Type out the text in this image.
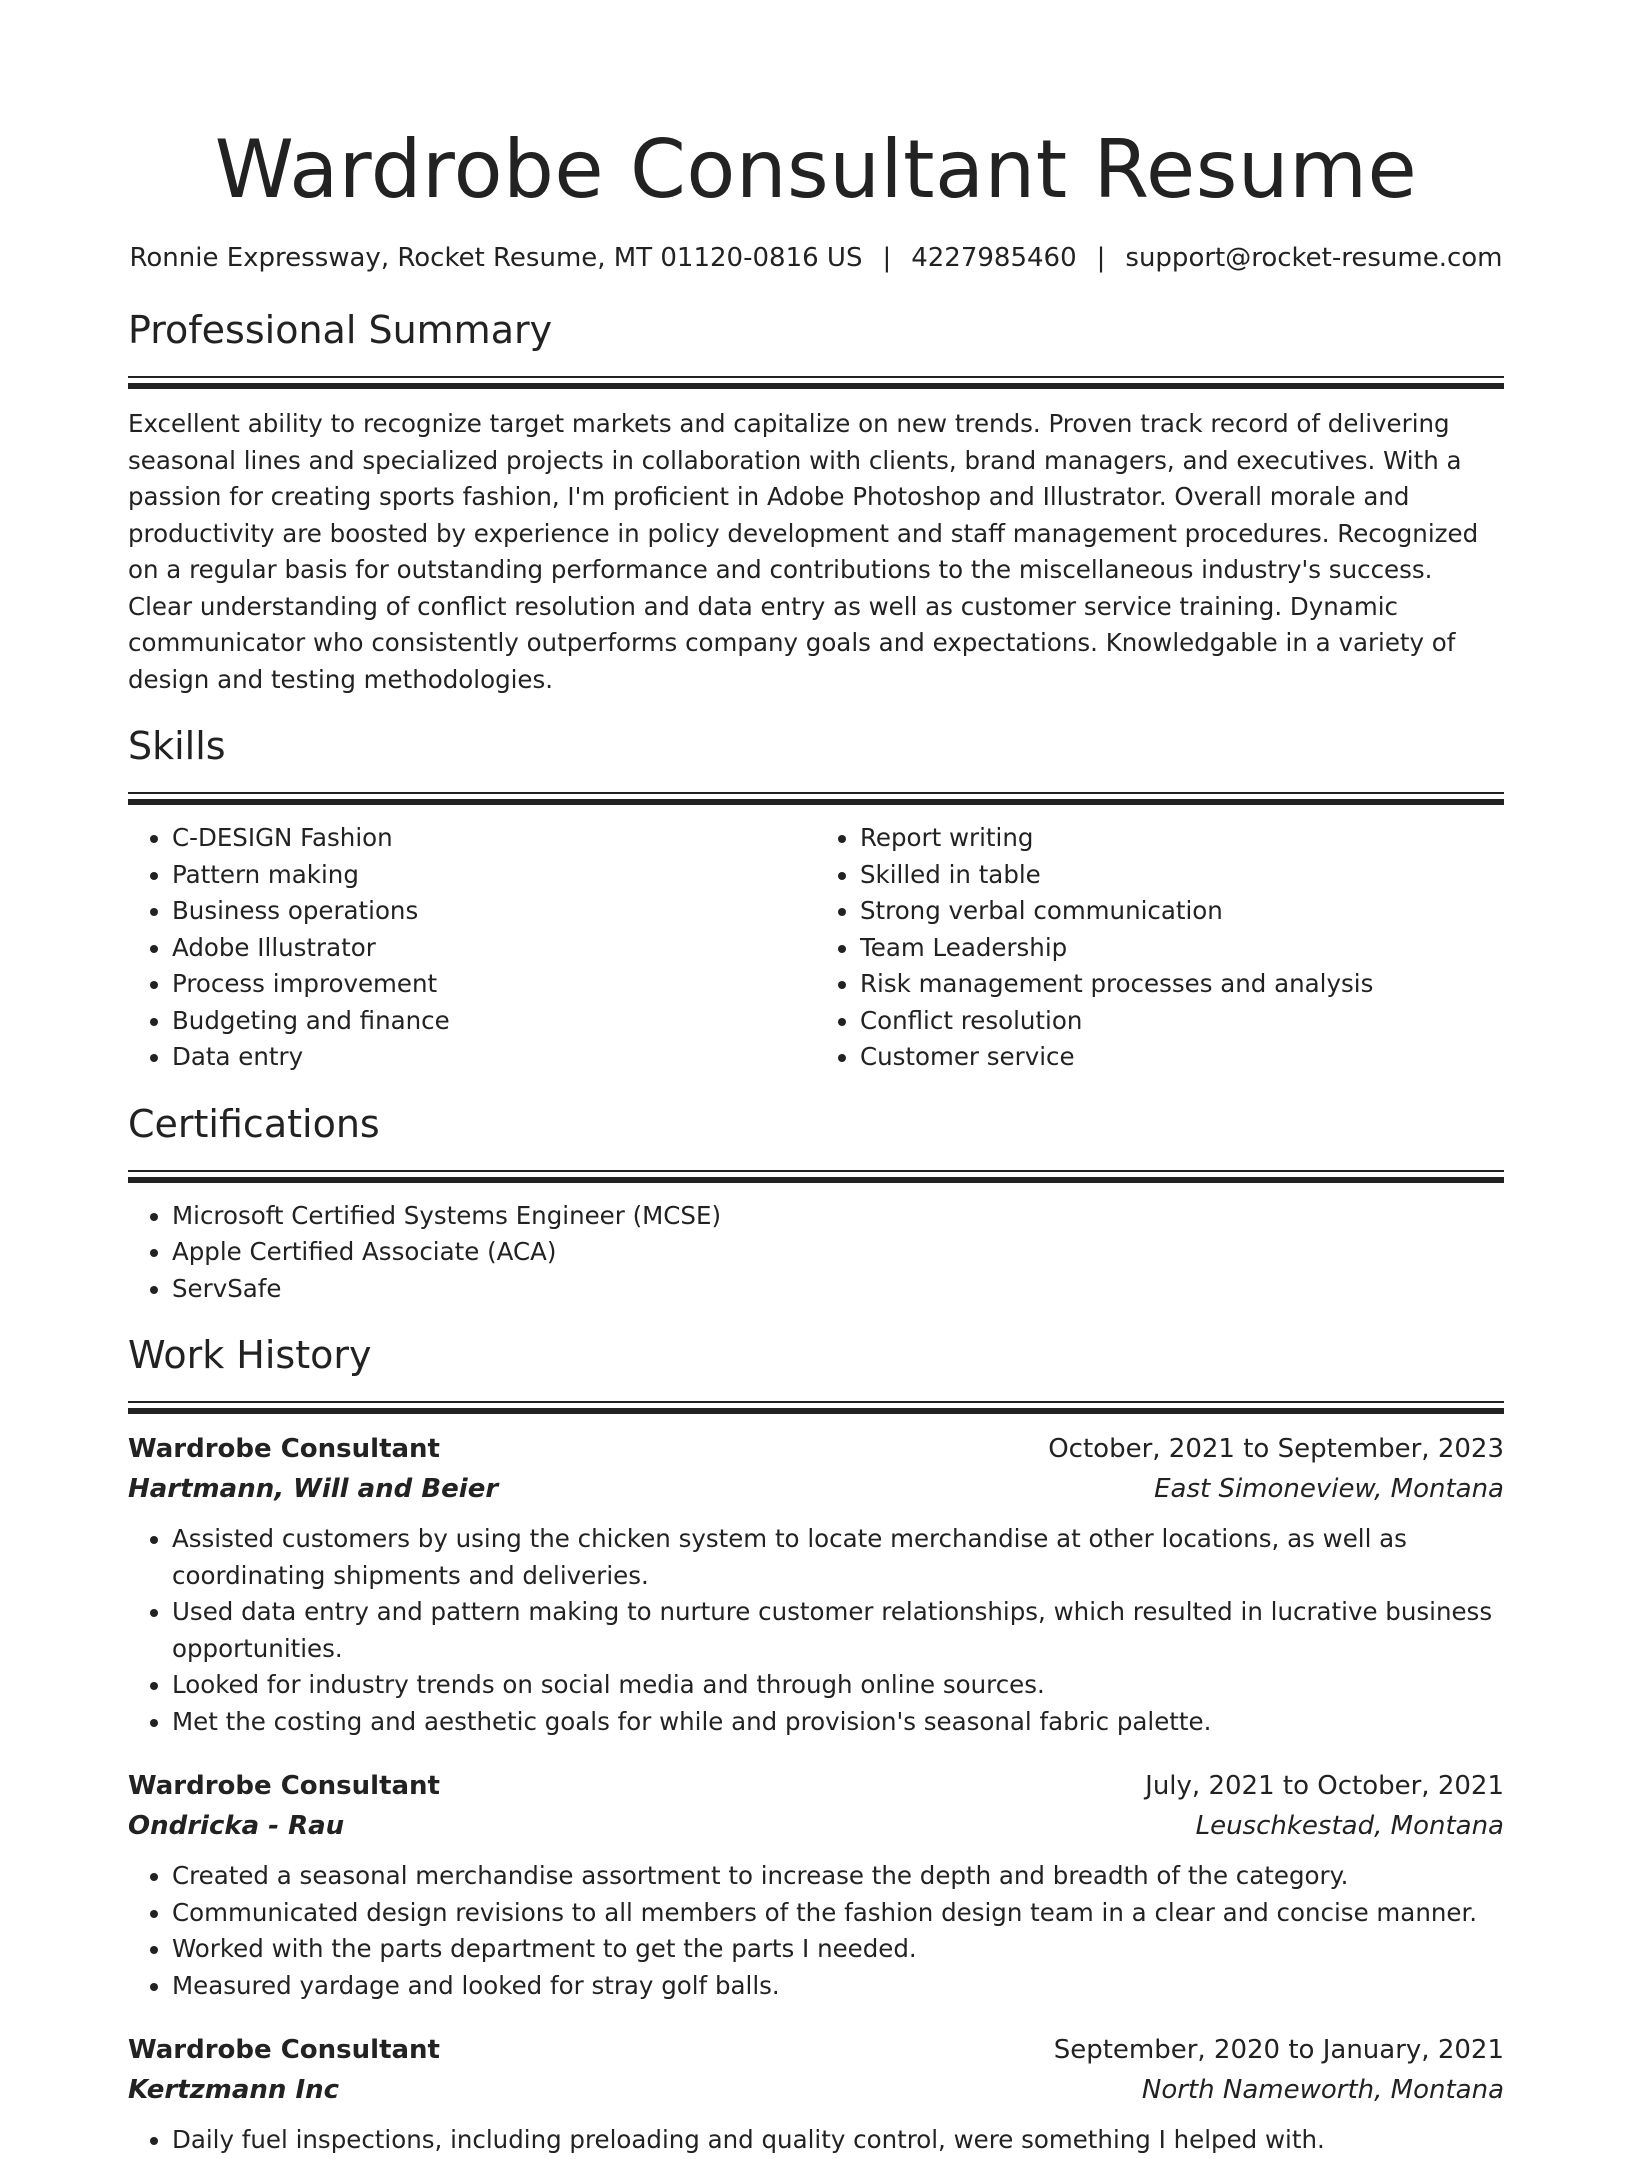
Wardrobe Consultant Resume
Ronnie Expressway, Rocket Resume, MT 01120-0816 US | 4227985460 | support@rocket-resume.com
Professional Summary

Excellent ability to recognize target markets and capitalize on new trends. Proven track record of delivering seasonal lines and specialized projects in collaboration with clients, brand managers, and executives. With a passion for creating sports fashion, I'm proficient in Adobe Photoshop and Illustrator. Overall morale and productivity are boosted by experience in policy development and staff management procedures. Recognized on a regular basis for outstanding performance and contributions to the miscellaneous industry's success. Clear understanding of conflict resolution and data entry as well as customer service training. Dynamic communicator who consistently outperforms company goals and expectations. Knowledgable in a variety of design and testing methodologies.

Skills
• C-DESIGN Fashion
• Pattern making
• Business operations
• Adobe Illustrator
• Process improvement
• Budgeting and finance
• Data entry
• Report writing
• Skilled in table
• Strong verbal communication
• Team Leadership
• Risk management processes and analysis
• Conflict resolution
• Customer service
Certifications
• Microsoft Certified Systems Engineer (MCSE)
• Apple Certified Associate (ACA)
• ServSafe
Work History
Wardrobe Consultant	October, 2021 to September, 2023
Hartmann, Will and Beier	East Simoneview, Montana
• Assisted customers by using the chicken system to locate merchandise at other locations, as well as coordinating shipments and deliveries.
• Used data entry and pattern making to nurture customer relationships, which resulted in lucrative business opportunities.
• Looked for industry trends on social media and through online sources.
• Met the costing and aesthetic goals for while and provision's seasonal fabric palette.
Wardrobe Consultant	July, 2021 to October, 2021
Ondricka - Rau	Leuschkestad, Montana
• Created a seasonal merchandise assortment to increase the depth and breadth of the category.
• Communicated design revisions to all members of the fashion design team in a clear and concise manner.
• Worked with the parts department to get the parts I needed.
• Measured yardage and looked for stray golf balls.
Wardrobe Consultant	September, 2020 to January, 2021
Kertzmann Inc	North Nameworth, Montana
• Daily fuel inspections, including preloading and quality control, were something I helped with.
